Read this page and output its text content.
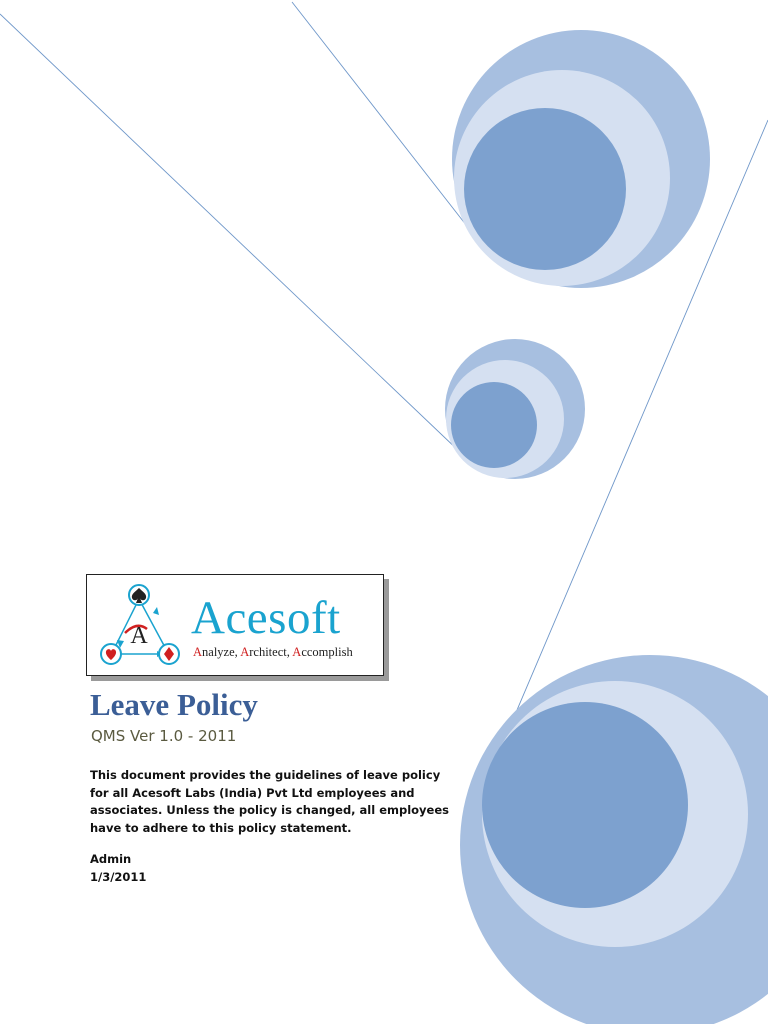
A Acesoft
Analyze, Architect, Accomplish
Leave Policy
QMS Ver 1.0 - 2011

This document provides the guidelines of leave policy for all Acesoft Labs (India) Pvt Ltd employees and associates. Unless the policy is changed, all employees have to adhere to this policy statement.

Admin
1/3/2011
